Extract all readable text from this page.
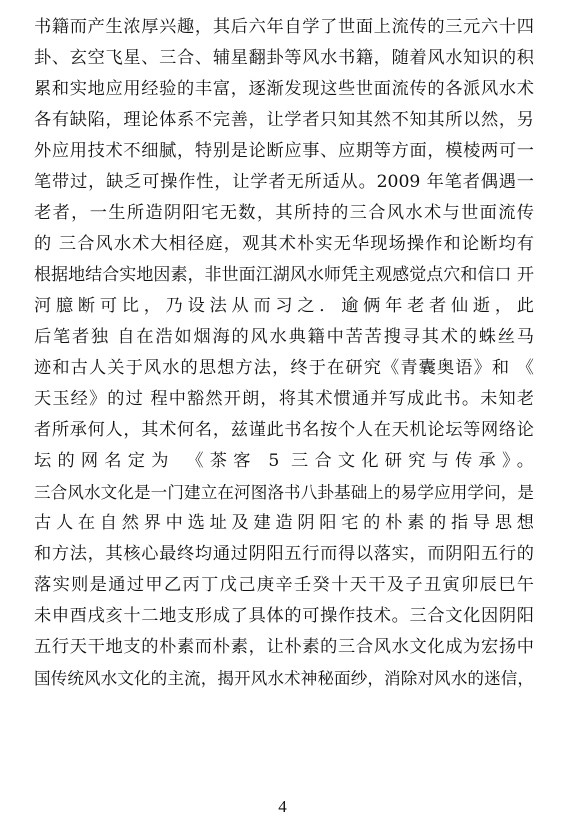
书籍而产生浓厚兴趣，其后六年自学了世面上流传的三元六十四
卦、玄空飞星、三合、辅星翻卦等风水书籍，随着风水知识的积
累和实地应用经验的丰富，逐渐发现这些世面流传的各派风水术
各有缺陷，理论体系不完善，让学者只知其然不知其所以然，另
外应用技术不细腻，特别是论断应事、应期等方面，模棱两可一
笔带过，缺乏可操作性，让学者无所适从。2009 年笔者偶遇一
老者，一生所造阴阳宅无数，其所持的三合风水术与世面流传
的 三合风水术大相径庭，观其术朴实无华现场操作和论断均有
根据地结合实地因素，非世面江湖风水师凭主观感觉点穴和信口 开
河臆断可比，乃设法从而习之．逾俩年老者仙逝，此
后笔者独 自在浩如烟海的风水典籍中苦苦搜寻其术的蛛丝马
迹和古人关于风水的思想方法，终于在研究《青囊奥语》和 《
天玉经》的过 程中豁然开朗，将其术惯通并写成此书。未知老
者所承何人，其术何名，兹谨此书名按个人在天机论坛等网络论
坛的网名定为 《茶客 5 三合文化研究与传承》。
三合风水文化是一门建立在河图洛书八卦基础上的易学应用学问，是
古人在自然界中选址及建造阴阳宅的朴素的指导思想
和方法，其核心最终均通过阴阳五行而得以落实，而阴阳五行的
落实则是通过甲乙丙丁戊己庚辛壬癸十天干及子丑寅卯辰巳午
未申酉戌亥十二地支形成了具体的可操作技术。三合文化因阴阳
五行天干地支的朴素而朴素，让朴素的三合风水文化成为宏扬中
国传统风水文化的主流，揭开风水术神秘面纱，消除对风水的迷信，
4
